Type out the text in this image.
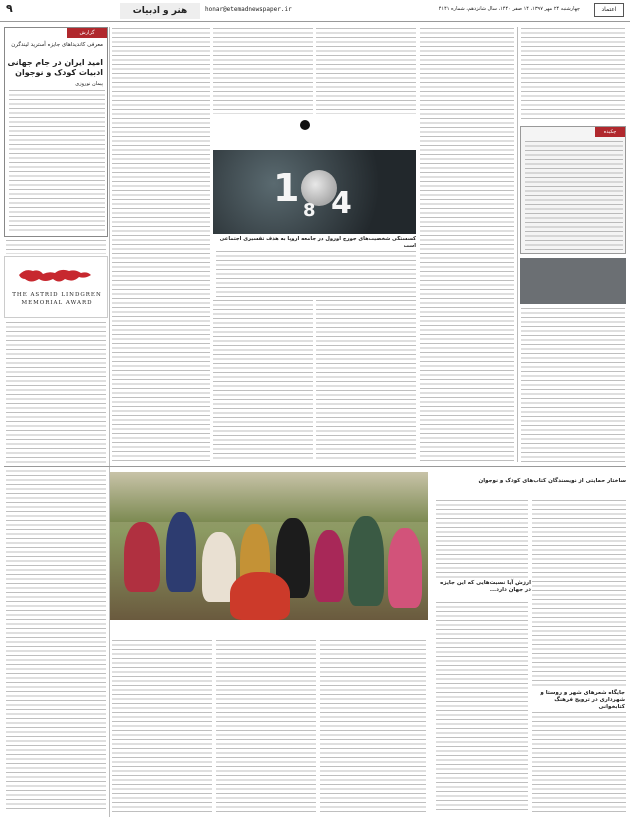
۹	هنر و ادبیات	honar@etemadnewspaper.ir	چهارشنبه ۲۴ مهر ۱۳۹۷، ۱۴ صفر ۱۴۴۰، سال شانزدهم، شماره ۴۱۴۱	اعتماد
گزارش
معرفی کاندیداهای جایزه آسترید لیندگرن
امید ایران در جام جهانی ادبیات کودک و نوجوان
پیمان نوروزی
THE ASTRID LINDGREN
MEMORIAL AWARD
1 4
8
کسستگی شخصیت‌های جورج اورول در جامعه اروپا به هدف تفسیری اجتماعی است
چکیده
ساختار حمایتی از نویسندگان کتاب‌های کودک و نوجوان
ارزش آیا نسبت‌هایی که این جایزه در جهان دارد...
جایگاه شعرهای شهر و روستا و شهرداری در ترویج فرهنگ کتابخوانی
